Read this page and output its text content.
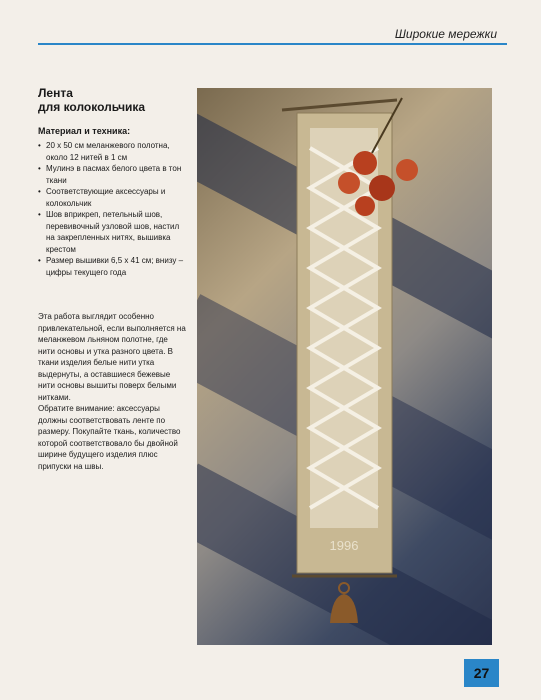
Широкие мережки
Лента
для колокольчика
Материал и техника:
• 20 х 50 см меланжевого полотна, около 12 нитей в 1 см
• Мулинэ в пасмах белого цвета в тон ткани
• Соответствующие аксессуары и колокольчик
• Шов вприкреп, петельный шов, перевивочный узловой шов, настил на закрепленных нитях, вышивка крестом
• Размер вышивки 6,5 х 41 см; внизу – цифры текущего года

Эта работа выглядит особенно привлекательной, если выполняется на меланжевом льняном полотне, где нити основы и утка разного цвета. В ткани изделия белые нити утка выдернуты, а оставшиеся бежевые нити основы вышиты поверх белыми нитками.

Обратите внимание: аксессуары должны соответствовать ленте по размеру. Покупайте ткань, количество которой соответствовало бы двойной ширине будущего изделия плюс припуски на швы.

1996
27
